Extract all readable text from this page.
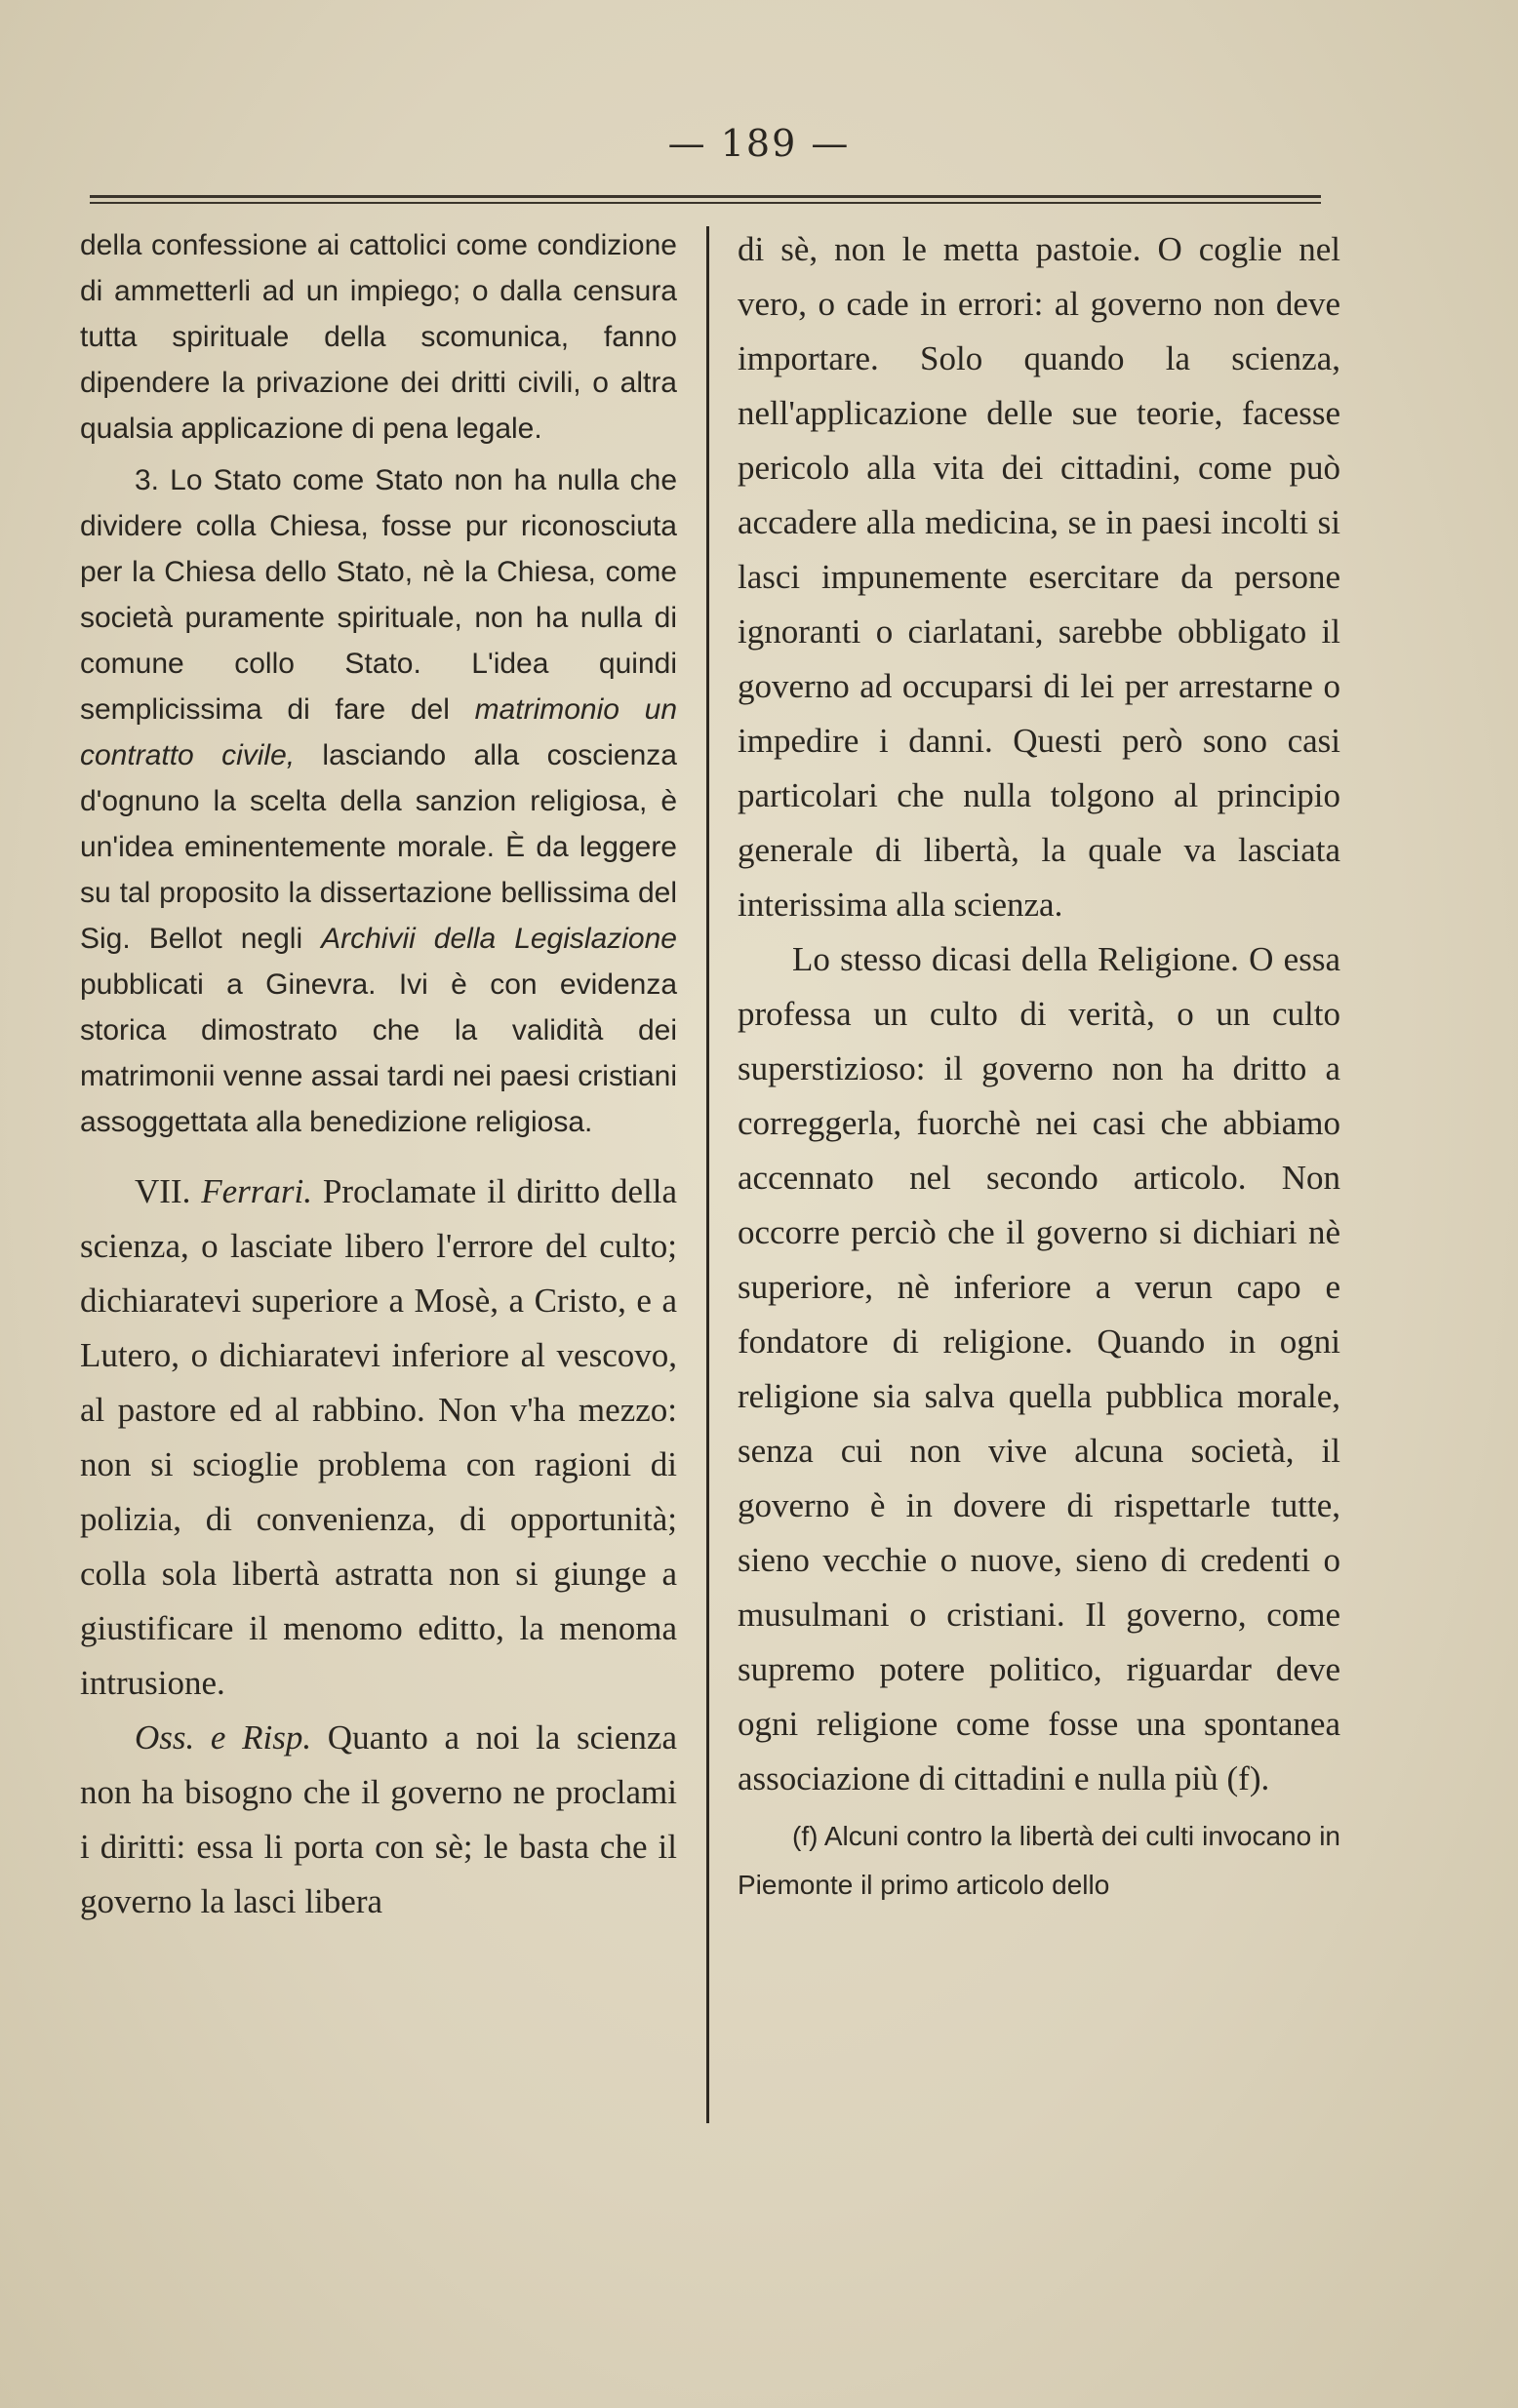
— 189 —

della confessione ai cattolici come condizione di ammetterli ad un impiego; o dalla censura tutta spirituale della scomunica, fanno dipendere la privazione dei dritti civili, o altra qualsia applicazione di pena legale.

3. Lo Stato come Stato non ha nulla che dividere colla Chiesa, fosse pur riconosciuta per la Chiesa dello Stato, nè la Chiesa, come società puramente spirituale, non ha nulla di comune collo Stato. L'idea quindi semplicissima di fare del matrimonio un contratto civile, lasciando alla coscienza d'ognuno la scelta della sanzion religiosa, è un'idea eminentemente morale. È da leggere su tal proposito la dissertazione bellissima del Sig. Bellot negli Archivii della Legislazione pubblicati a Ginevra. Ivi è con evidenza storica dimostrato che la validità dei matrimonii venne assai tardi nei paesi cristiani assoggettata alla benedizione religiosa.

VII. Ferrari. Proclamate il diritto della scienza, o lasciate libero l'errore del culto; dichiaratevi superiore a Mosè, a Cristo, e a Lutero, o dichiaratevi inferiore al vescovo, al pastore ed al rabbino. Non v'ha mezzo: non si scioglie problema con ragioni di polizia, di convenienza, di opportunità; colla sola libertà astratta non si giunge a giustificare il menomo editto, la menoma intrusione.

Oss. e Risp. Quanto a noi la scienza non ha bisogno che il governo ne proclami i diritti: essa li porta con sè; le basta che il governo la lasci libera

di sè, non le metta pastoie. O coglie nel vero, o cade in errori: al governo non deve importare. Solo quando la scienza, nell'applicazione delle sue teorie, facesse pericolo alla vita dei cittadini, come può accadere alla medicina, se in paesi incolti si lasci impunemente esercitare da persone ignoranti o ciarlatani, sarebbe obbligato il governo ad occuparsi di lei per arrestarne o impedire i danni. Questi però sono casi particolari che nulla tolgono al principio generale di libertà, la quale va lasciata interissima alla scienza.

Lo stesso dicasi della Religione. O essa professa un culto di verità, o un culto superstizioso: il governo non ha dritto a correggerla, fuorchè nei casi che abbiamo accennato nel secondo articolo. Non occorre perciò che il governo si dichiari nè superiore, nè inferiore a verun capo e fondatore di religione. Quando in ogni religione sia salva quella pubblica morale, senza cui non vive alcuna società, il governo è in dovere di rispettarle tutte, sieno vecchie o nuove, sieno di credenti o musulmani o cristiani. Il governo, come supremo potere politico, riguardar deve ogni religione come fosse una spontanea associazione di cittadini e nulla più (f).

(f) Alcuni contro la libertà dei culti invocano in Piemonte il primo articolo dello
